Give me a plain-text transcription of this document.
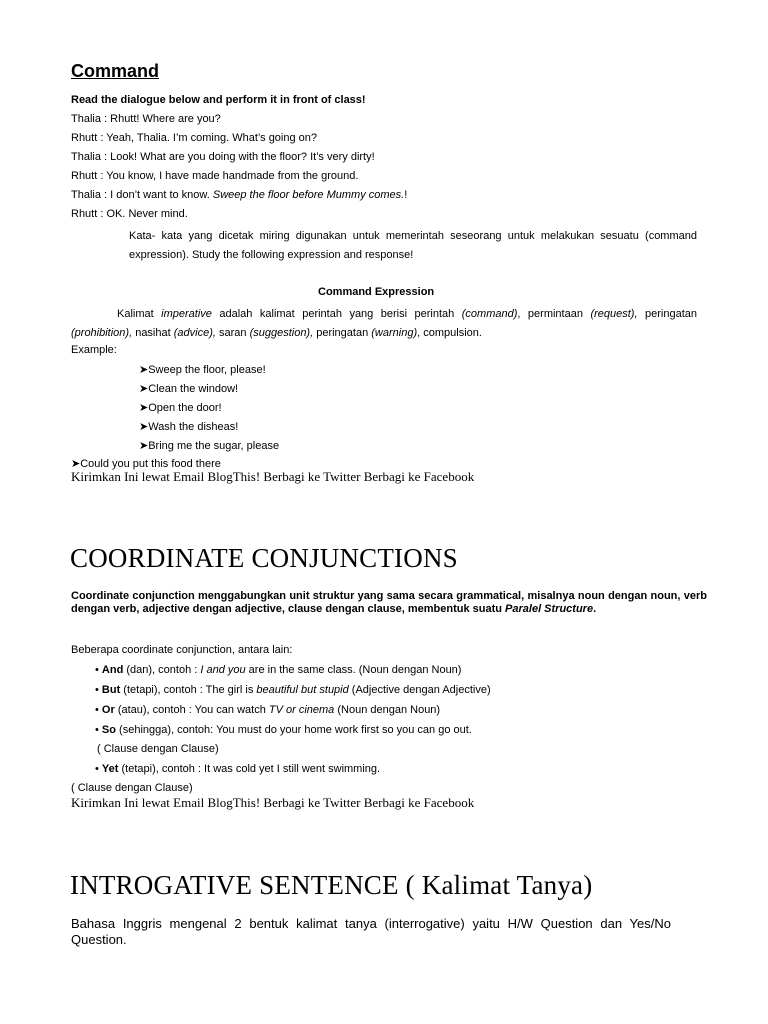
Command
Read the dialogue below and perform it in front of class!
Thalia : Rhutt! Where are you?
Rhutt : Yeah, Thalia. I’m coming. What’s going on?
Thalia : Look! What are you doing with the floor? It’s very dirty!
Rhutt : You know, I have made handmade from the ground.
Thalia : I don’t want to know. Sweep the floor before Mummy comes.!
Rhutt : OK. Never mind.
Kata- kata yang dicetak miring digunakan untuk memerintah seseorang untuk melakukan sesuatu (command expression). Study the following expression and response!
Command Expression
Kalimat imperative adalah kalimat perintah yang berisi perintah (command), permintaan (request), peringatan (prohibition), nasihat (advice), saran (suggestion), peringatan (warning), compulsion.
Example:
➤Sweep the floor, please!
➤Clean the window!
➤Open the door!
➤Wash the disheas!
➤Bring me the sugar, please
➤Could you put this food there
Kirimkan Ini lewat Email BlogThis! Berbagi ke Twitter Berbagi ke Facebook
COORDINATE CONJUNCTIONS
Coordinate conjunction menggabungkan unit struktur yang sama secara grammatical, misalnya noun dengan noun, verb dengan verb, adjective dengan adjective, clause dengan clause, membentuk suatu Paralel Structure.
Beberapa coordinate conjunction, antara lain:
• And (dan), contoh : I and you are in the same class. (Noun dengan Noun)
• But (tetapi), contoh : The girl is beautiful but stupid (Adjective dengan Adjective)
• Or (atau), contoh : You can watch TV or cinema (Noun dengan Noun)
• So (sehingga), contoh: You must do your home work first so you can go out.
( Clause dengan Clause)
• Yet (tetapi), contoh : It was cold yet I still went swimming.
( Clause dengan Clause)
Kirimkan Ini lewat Email BlogThis! Berbagi ke Twitter Berbagi ke Facebook
INTROGATIVE SENTENCE ( Kalimat Tanya)
Bahasa Inggris mengenal 2 bentuk kalimat tanya (interrogative) yaitu H/W Question dan Yes/No Question.
